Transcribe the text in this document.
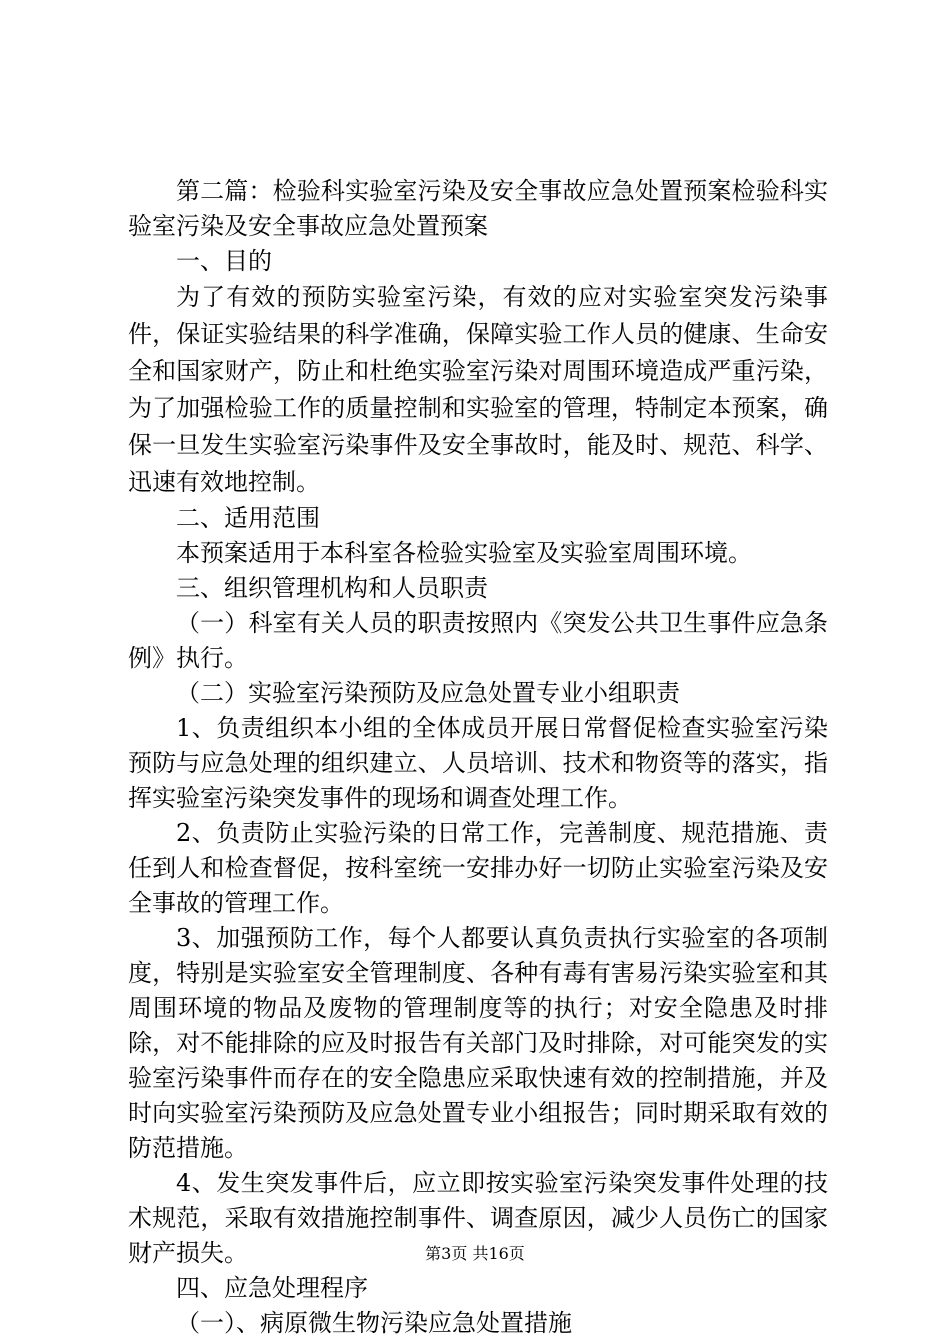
第二篇：检验科实验室污染及安全事故应急处置预案检验科实验室污染及安全事故应急处置预案

一、目的

为了有效的预防实验室污染，有效的应对实验室突发污染事件，保证实验结果的科学准确，保障实验工作人员的健康、生命安全和国家财产，防止和杜绝实验室污染对周围环境造成严重污染，为了加强检验工作的质量控制和实验室的管理，特制定本预案，确保一旦发生实验室污染事件及安全事故时，能及时、规范、科学、迅速有效地控制。

二、适用范围

本预案适用于本科室各检验实验室及实验室周围环境。

三、组织管理机构和人员职责

（一）科室有关人员的职责按照内《突发公共卫生事件应急条例》执行。

（二）实验室污染预防及应急处置专业小组职责

1、负责组织本小组的全体成员开展日常督促检查实验室污染预防与应急处理的组织建立、人员培训、技术和物资等的落实，指挥实验室污染突发事件的现场和调查处理工作。

2、负责防止实验污染的日常工作，完善制度、规范措施、责任到人和检查督促，按科室统一安排办好一切防止实验室污染及安全事故的管理工作。

3、加强预防工作，每个人都要认真负责执行实验室的各项制度，特别是实验室安全管理制度、各种有毒有害易污染实验室和其周围环境的物品及废物的管理制度等的执行；对安全隐患及时排除，对不能排除的应及时报告有关部门及时排除，对可能突发的实验室污染事件而存在的安全隐患应采取快速有效的控制措施，并及时向实验室污染预防及应急处置专业小组报告；同时期采取有效的防范措施。

4、发生突发事件后，应立即按实验室污染突发事件处理的技术规范，采取有效措施控制事件、调查原因，减少人员伤亡的国家财产损失。

四、应急处理程序

（一）、病原微生物污染应急处置措施

第3页 共16页
